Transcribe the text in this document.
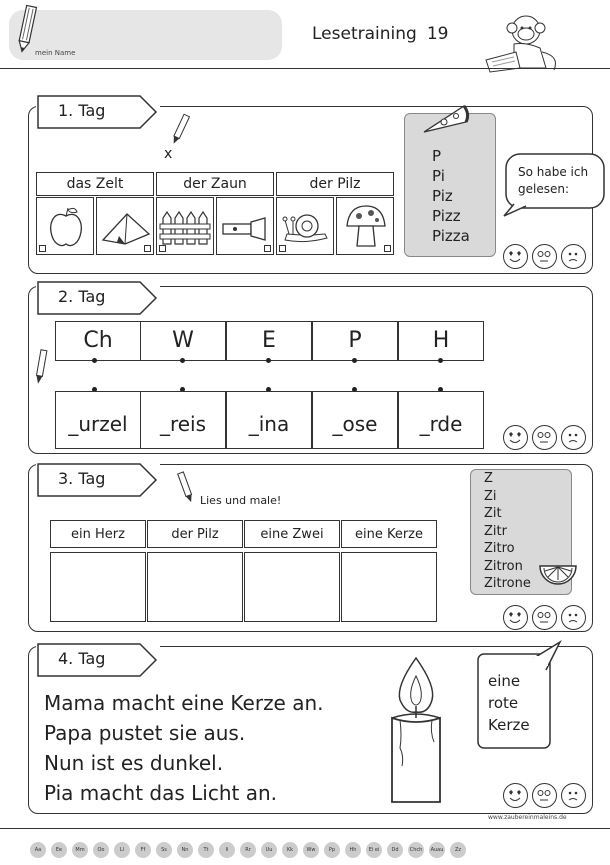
mein Name
Lesetraining 19
1. Tag
x
das Zelt	der Zaun	der Pilz
P
Pi
Piz
Pizz
Pizza
So habe ich gelesen:
2. Tag
Ch	W	E	P	H
_urzel	_reis	_ina	_ose	_rde
3. Tag
Lies und male!
ein Herz	der Pilz	eine Zwei	eine Kerze
Z
Zi
Zit
Zitr
Zitro
Zitron
Zitrone
4. Tag
Mama macht eine Kerze an.
Papa pustet sie aus.
Nun ist es dunkel.
Pia macht das Licht an.
eine
rote
Kerze
www.zaubereinmaleins.de
Aa	Ee	Mm	Oo	Ll	Ff	Ss	Nn	Tt	Ii	Rr	Uu	Kk	Ww	Pp	Hh	Ei ei	Dd	Chch	Auau	Zz
